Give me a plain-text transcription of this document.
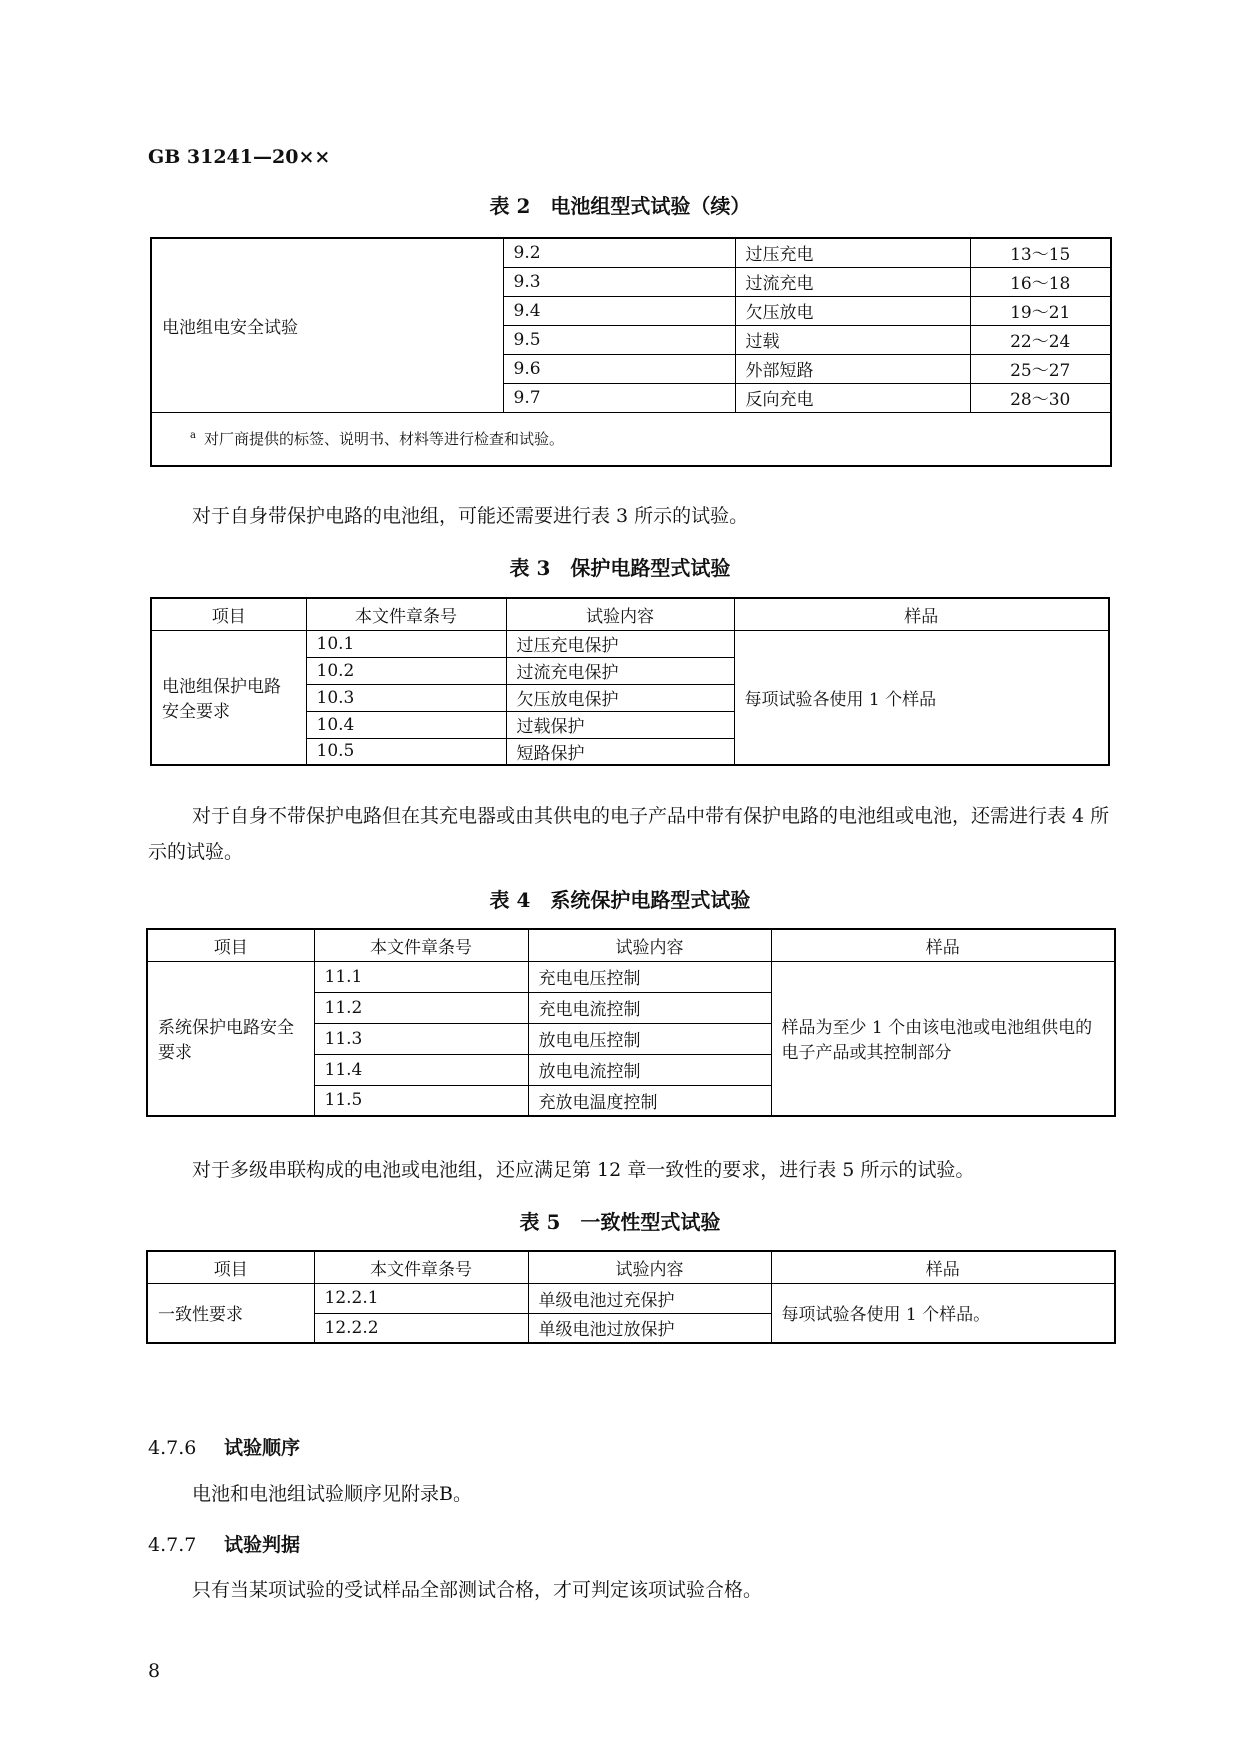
GB 31241—20××
表 2　电池组型式试验（续）
电池组电安全试验	9.2	过压充电	13～15
	9.3	过流充电	16～18
	9.4	欠压放电	19～21
	9.5	过载	22～24
	9.6	外部短路	25～27
	9.7	反向充电	28～30
$^a$ 对厂商提供的标签、说明书、材料等进行检查和试验。			
对于自身带保护电路的电池组，可能还需要进行表 3 所示的试验。
表 3　保护电路型式试验
项目	本文件章条号	试验内容	样品
电池组保护电路安全要求	10.1	过压充电保护	每项试验各使用 1 个样品
	10.2	过流充电保护	
	10.3	欠压放电保护	
	10.4	过载保护	
	10.5	短路保护	
对于自身不带保护电路但在其充电器或由其供电的电子产品中带有保护电路的电池组或电池，还需进行表 4 所示的试验。
表 4　系统保护电路型式试验
项目	本文件章条号	试验内容	样品
系统保护电路安全要求	11.1	充电电压控制	样品为至少 1 个由该电池或电池组供电的电子产品或其控制部分
	11.2	充电电流控制	
	11.3	放电电压控制	
	11.4	放电电流控制	
	11.5	充放电温度控制	
对于多级串联构成的电池或电池组，还应满足第 12 章一致性的要求，进行表 5 所示的试验。
表 5　一致性型式试验
项目	本文件章条号	试验内容	样品
一致性要求	12.2.1	单级电池过充保护	每项试验各使用 1 个样品。
	12.2.2	单级电池过放保护	
4.7.6 试验顺序
电池和电池组试验顺序见附录B。
4.7.7 试验判据
只有当某项试验的受试样品全部测试合格，才可判定该项试验合格。
8
